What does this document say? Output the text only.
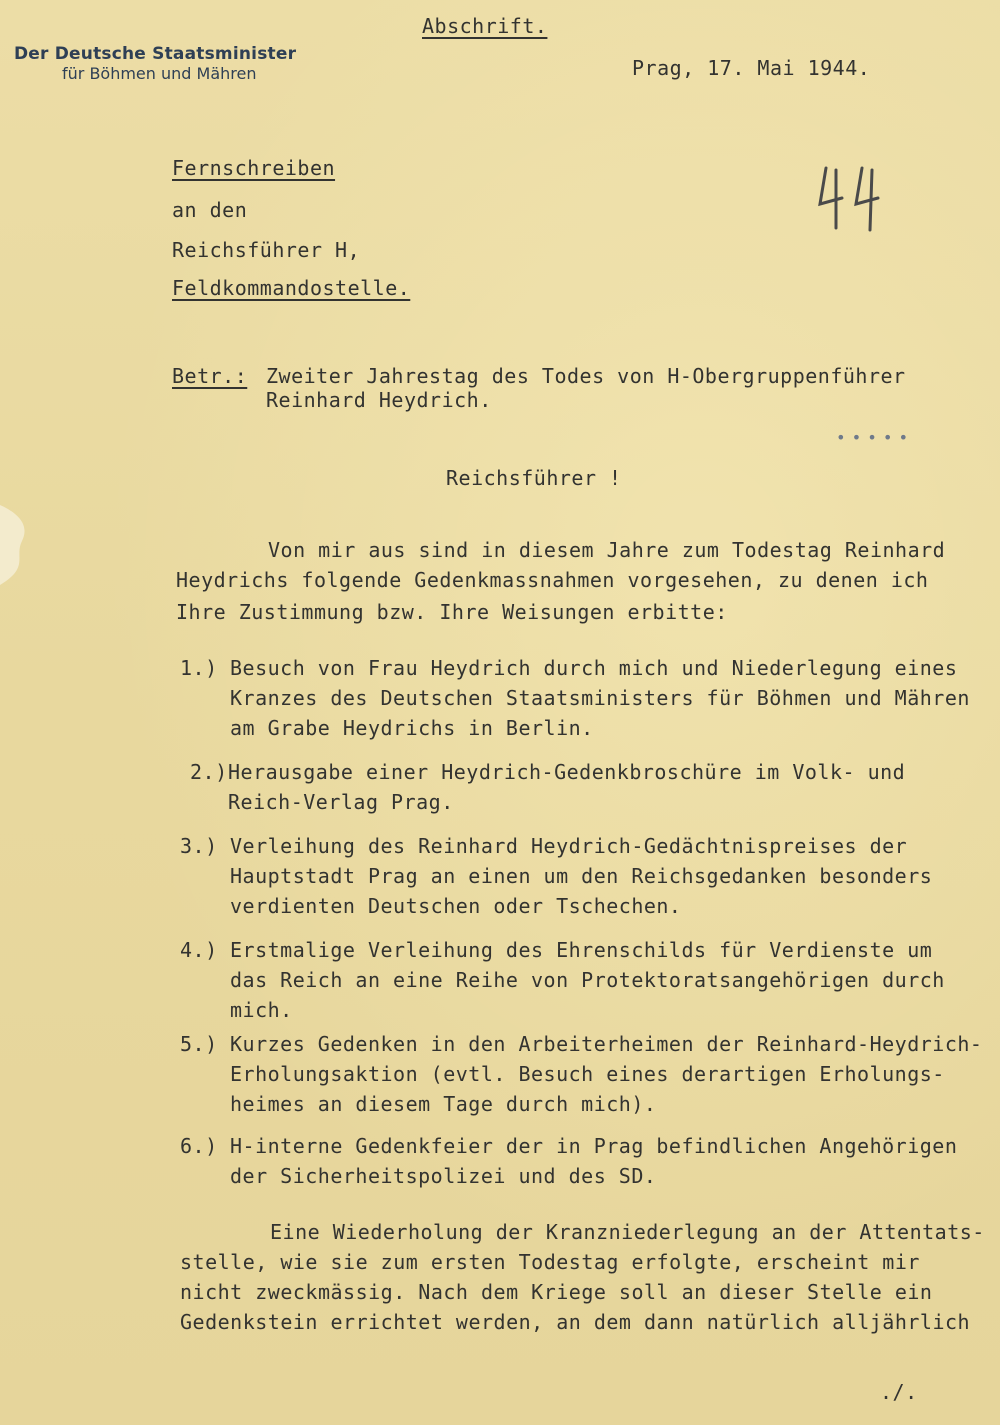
Der Deutsche Staatsminister
für Böhmen und Mähren
Abschrift.
Prag, 17. Mai 1944.
Fernschreiben
an den
Reichsführer H,
Feldkommandostelle.
Betr.: Zweiter Jahrestag des Todes von H-Obergruppenführer
Reinhard Heydrich.
•••••
Reichsführer !
Von mir aus sind in diesem Jahre zum Todestag Reinhard
Heydrichs folgende Gedenkmassnahmen vorgesehen, zu denen ich
Ihre Zustimmung bzw. Ihre Weisungen erbitte:
1.) Besuch von Frau Heydrich durch mich und Niederlegung eines
Kranzes des Deutschen Staatsministers für Böhmen und Mähren
am Grabe Heydrichs in Berlin.
2.) Herausgabe einer Heydrich-Gedenkbroschüre im Volk- und
Reich-Verlag Prag.
3.) Verleihung des Reinhard Heydrich-Gedächtnispreises der
Hauptstadt Prag an einen um den Reichsgedanken besonders
verdienten Deutschen oder Tschechen.
4.) Erstmalige Verleihung des Ehrenschilds für Verdienste um
das Reich an eine Reihe von Protektoratsangehörigen durch
mich.
5.) Kurzes Gedenken in den Arbeiterheimen der Reinhard-Heydrich-
Erholungsaktion (evtl. Besuch eines derartigen Erholungs-
heimes an diesem Tage durch mich).
6.) H-interne Gedenkfeier der in Prag befindlichen Angehörigen
der Sicherheitspolizei und des SD.
Eine Wiederholung der Kranzniederlegung an der Attentats-
stelle, wie sie zum ersten Todestag erfolgte, erscheint mir
nicht zweckmässig. Nach dem Kriege soll an dieser Stelle ein
Gedenkstein errichtet werden, an dem dann natürlich alljährlich
./.
